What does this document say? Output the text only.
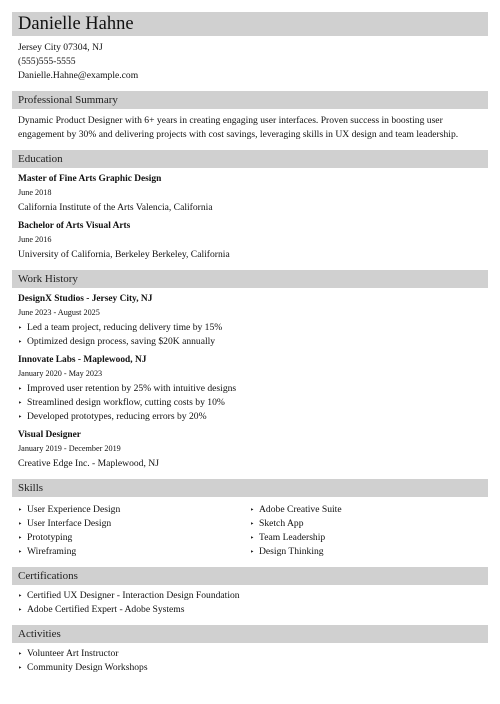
Danielle Hahne
Jersey City 07304, NJ
(555)555-5555
Danielle.Hahne@example.com
Professional Summary
Dynamic Product Designer with 6+ years in creating engaging user interfaces. Proven success in boosting user engagement by 30% and delivering projects with cost savings, leveraging skills in UX design and team leadership.
Education
Master of Fine Arts Graphic Design
June 2018
California Institute of the Arts Valencia, California
Bachelor of Arts Visual Arts
June 2016
University of California, Berkeley Berkeley, California
Work History
DesignX Studios - Jersey City, NJ
June 2023 - August 2025
‣ Led a team project, reducing delivery time by 15%
‣ Optimized design process, saving $20K annually
Innovate Labs - Maplewood, NJ
January 2020 - May 2023
‣ Improved user retention by 25% with intuitive designs
‣ Streamlined design workflow, cutting costs by 10%
‣ Developed prototypes, reducing errors by 20%
Visual Designer
January 2019 - December 2019
Creative Edge Inc. - Maplewood, NJ
Skills
‣ User Experience Design
‣ User Interface Design
‣ Prototyping
‣ Wireframing
‣ Adobe Creative Suite
‣ Sketch App
‣ Team Leadership
‣ Design Thinking
Certifications
‣ Certified UX Designer - Interaction Design Foundation
‣ Adobe Certified Expert - Adobe Systems
Activities
‣ Volunteer Art Instructor
‣ Community Design Workshops
